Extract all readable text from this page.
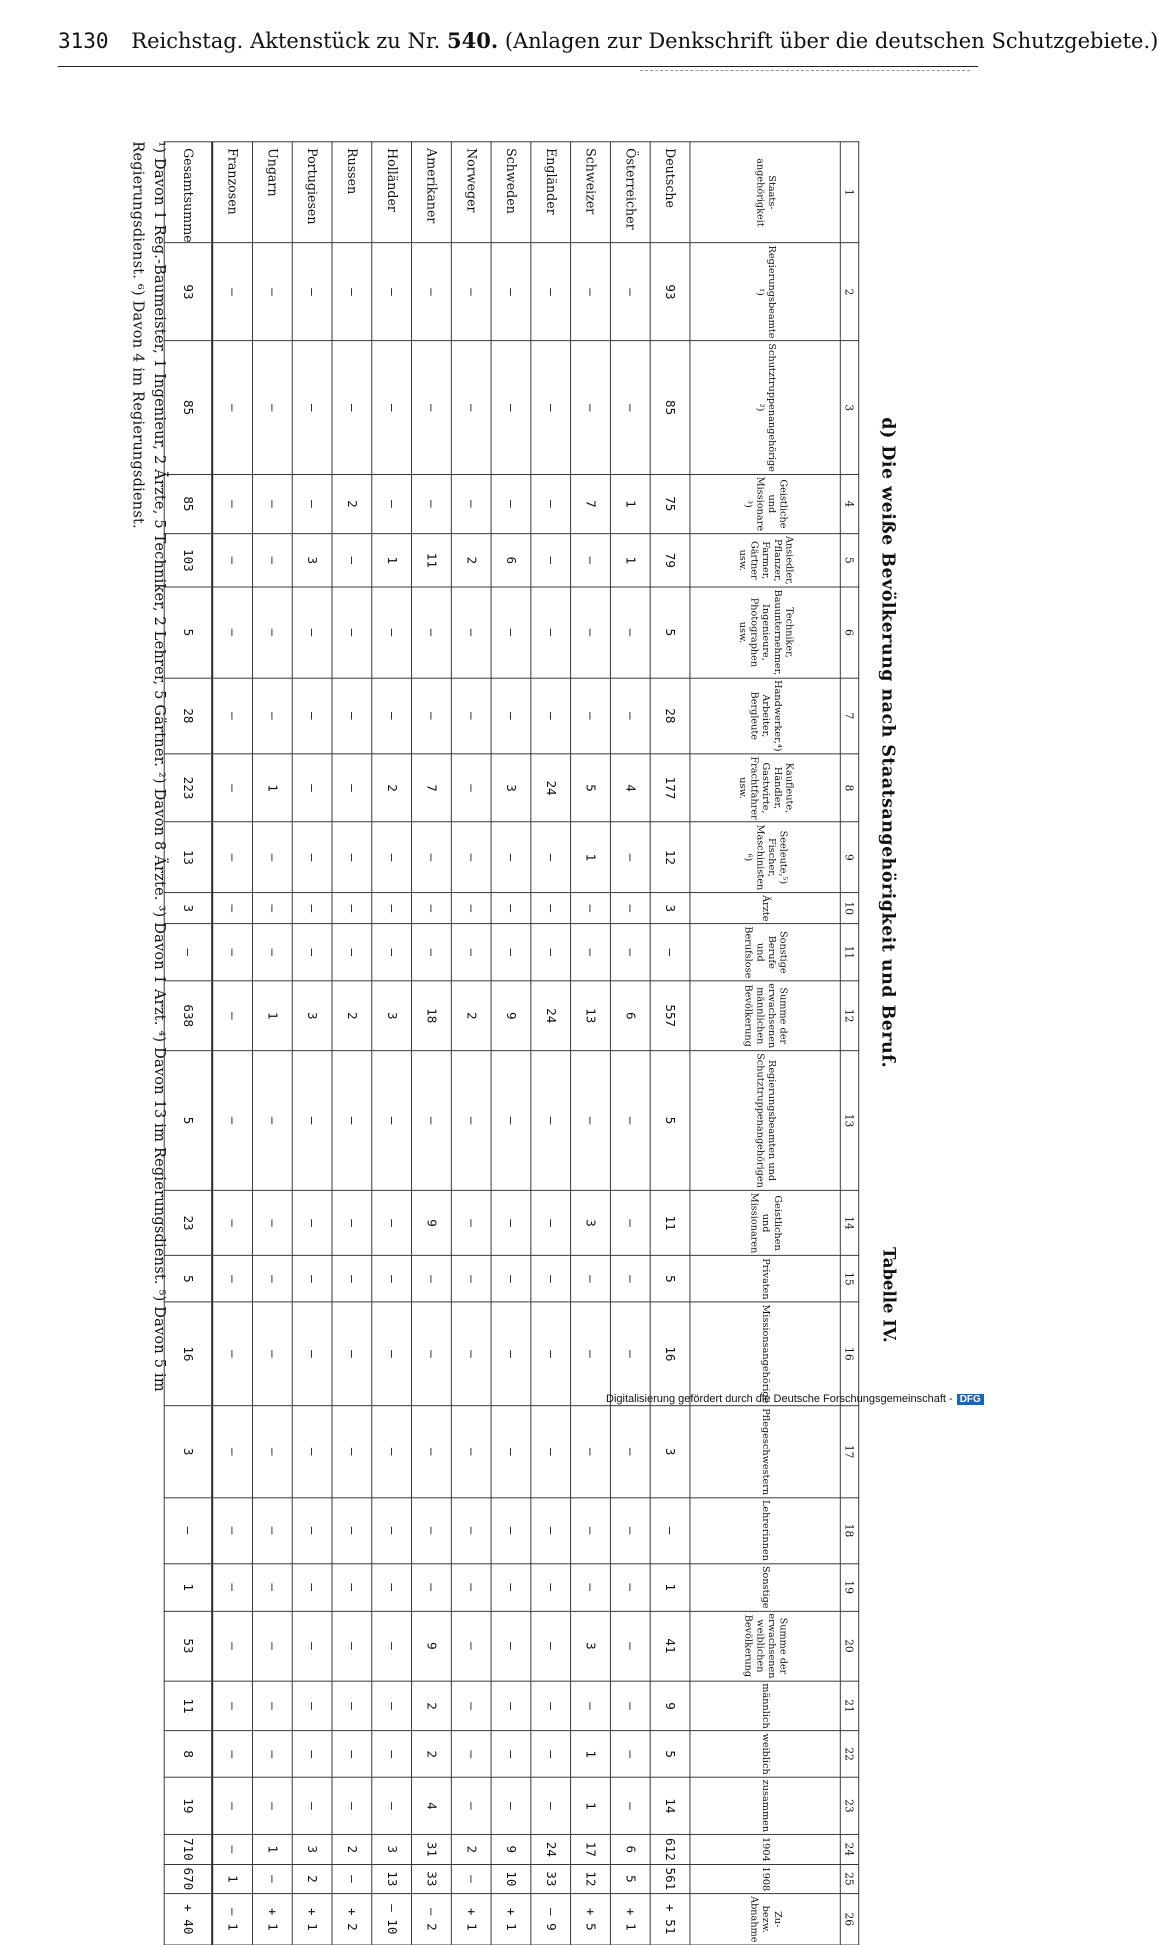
3130 Reichstag. Aktenstück zu Nr. 540. (Anlagen zur Denkschrift über die deutschen Schutzgebiete.)
d) Die weiße Bevölkerung nach Staatsangehörigkeit und Beruf.
Tabelle IV.
1	2	3	4	5	6	7	8	9	10	11	12	13	14	15	16	17	18	19	20	21	22	23	24	25	26
Staats-angehörigkeit	Regierungsbeamte ¹)	Schutztruppenangehörige ²)	Geistliche und Missionare ³)	Ansiedler, Pflanzer, Farmer, Gärtner usw.	Techniker, Bauunternehmer, Ingenieure, Photographen usw.	Handwerker,⁴) Arbeiter, Bergleute	Kaufleute, Händler, Gastwirte, Frachtfahrer usw.	Seeleute,⁵) Fischer, Maschinisten ⁶)	Ärzte	Sonstige Berufe und Berufslose	Summe der erwachsenen männlichen Bevölkerung	Regierungsbeamten und Schutztruppenangehörigen	Geistlichen und Missionaren	Privaten	Missionsangehörige	Pflegeschwestern	Lehrerinnen	Sonstige	Summe der erwachsenen weiblichen Bevölkerung	männlich	weiblich	zusammen	1904	1908	Zu- bezw. Abnahme
Deutsche	93	85	75	79	5	28	177	12	3	—	557	5	11	5	16	3	—	1	41	9	5	14	612	561	+ 51
Österreicher	—	—	1	1	—	—	4	—	—	—	6	—	—	—	—	—	—	—	—	—	—	—	6	5	+ 1
Schweizer	—	—	7	—	—	—	5	1	—	—	13	—	3	—	—	—	—	—	3	—	1	1	17	12	+ 5
Engländer	—	—	—	—	—	—	24	—	—	—	24	—	—	—	—	—	—	—	—	—	—	—	24	33	— 9
Schweden	—	—	—	6	—	—	3	—	—	—	9	—	—	—	—	—	—	—	—	—	—	—	9	10	+ 1
Norweger	—	—	—	2	—	—	—	—	—	—	2	—	—	—	—	—	—	—	—	—	—	—	2	—	+ 1
Amerikaner	—	—	—	11	—	—	7	—	—	—	18	—	9	—	—	—	—	—	9	2	2	4	31	33	— 2
Holländer	—	—	—	1	—	—	2	—	—	—	3	—	—	—	—	—	—	—	—	—	—	—	3	13	— 10
Russen	—	—	2	—	—	—	—	—	—	—	2	—	—	—	—	—	—	—	—	—	—	—	2	—	+ 2
Portugiesen	—	—	—	3	—	—	—	—	—	—	3	—	—	—	—	—	—	—	—	—	—	—	3	2	+ 1
Ungarn	—	—	—	—	—	—	1	—	—	—	1	—	—	—	—	—	—	—	—	—	—	—	1	—	+ 1
Franzosen	—	—	—	—	—	—	—	—	—	—	—	—	—	—	—	—	—	—	—	—	—	—	—	1	— 1
Gesamtsumme	93	85	85	103	5	28	223	13	3	—	638	5	23	5	16	3	—	1	53	11	8	19	710	670	+ 40
¹) Davon 1 Reg.-Baumeister, 1 Ingenieur, 2 Ärzte, 5 Techniker, 2 Lehrer, 5 Gärtner. ²) Davon 8 Ärzte. ³) Davon 1 Arzt. ⁴) Davon 13 im Regierungsdienst. ⁵) Davon 5 im
Regierungsdienst. ⁶) Davon 4 im Regierungsdienst.
Digitalisierung gefördert durch die Deutsche Forschungsgemeinschaft - DFG
